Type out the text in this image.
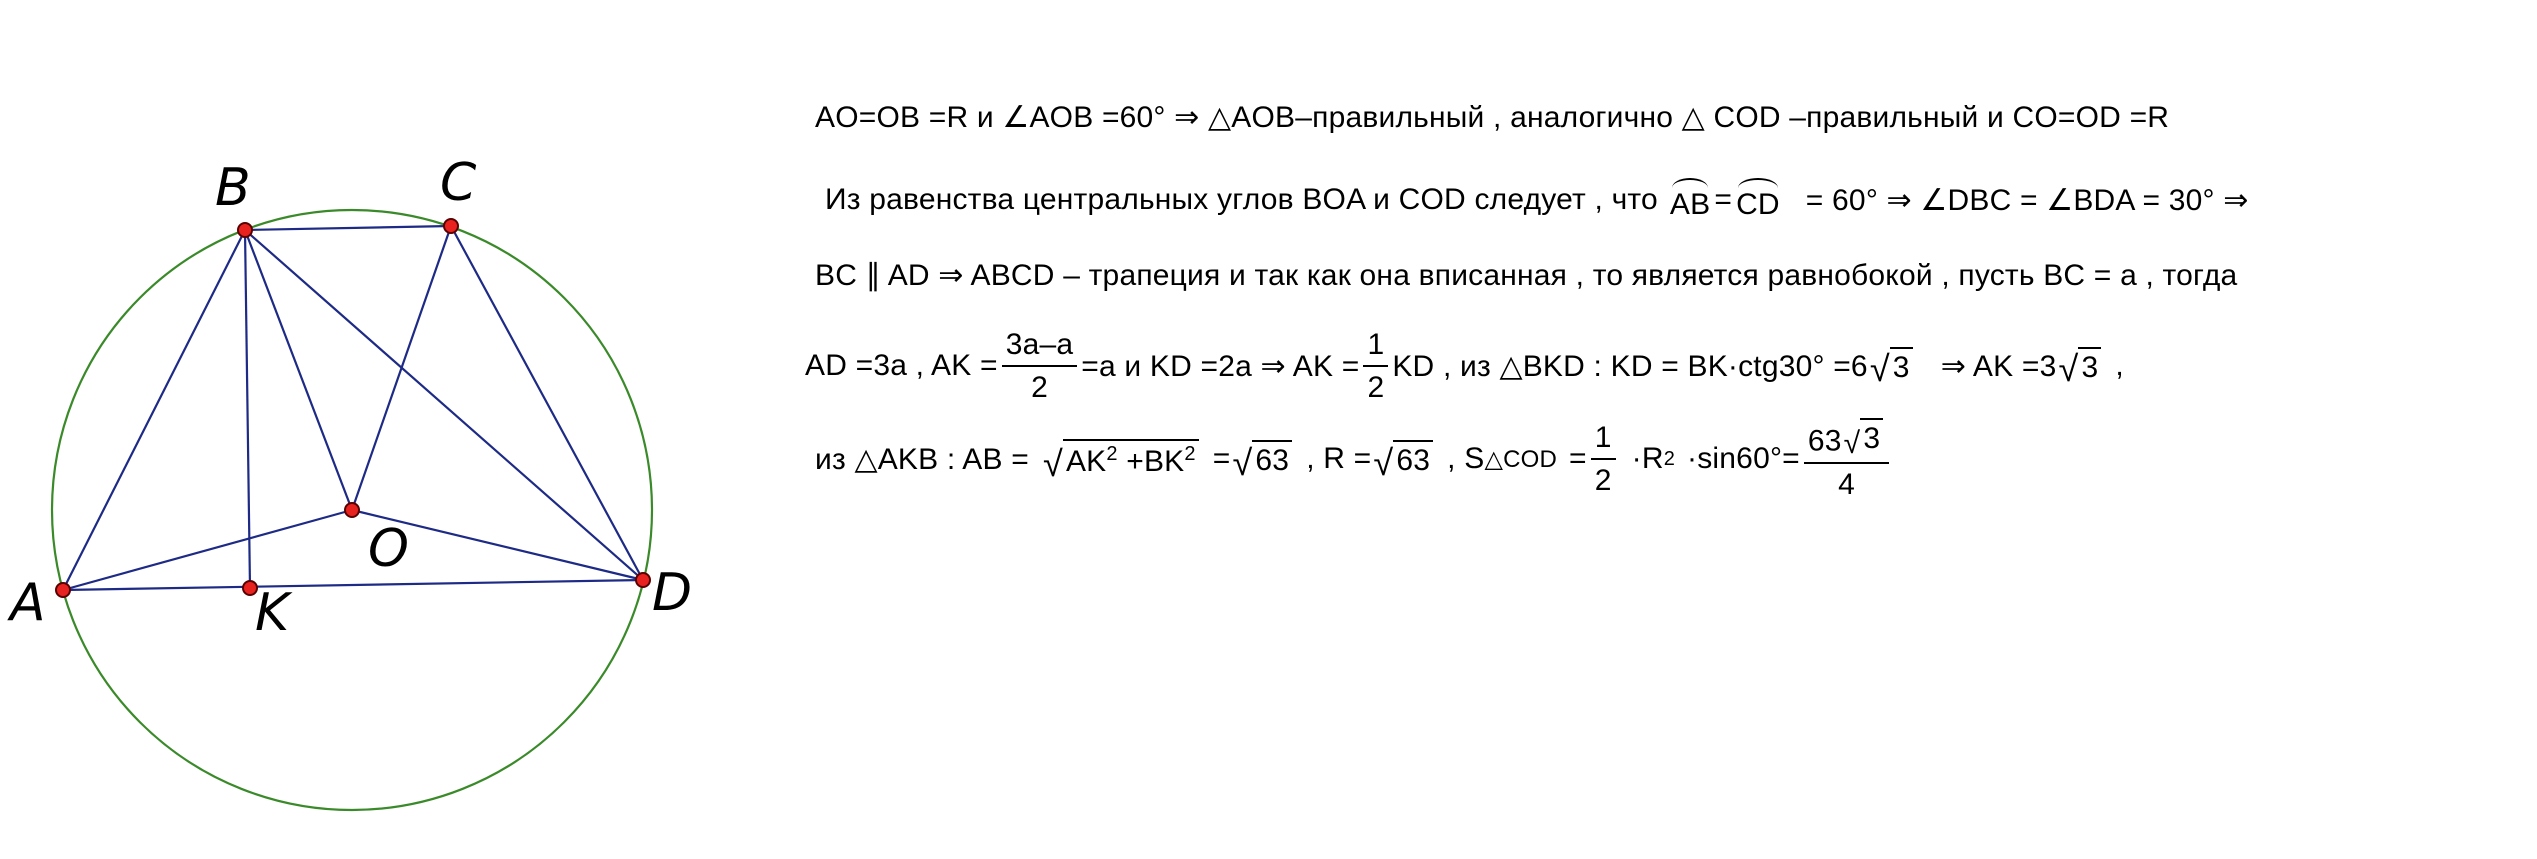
A
B	C
D
O
K
AO=OB =R и ∠AOB =60° ⇒ △AOB–правильный , аналогично △ COD –правильный и CO=OD =R
Из равенства центральных углов BOA и COD следует , что AB = CD = 60° ⇒ ∠DBC = ∠BDA = 30° ⇒
BC ∥ AD ⇒ ABCD – трапеция и так как она вписанная , то является равнобокой , пусть BC = a , тогда
AD =3a , AK = $\frac{3a-a}{2} =a$ и KD =2a ⇒ AK = $\frac{1}{2}$ KD , из △BKD : KD = BK·ctg30° =6 √ 3 ⇒ AK =3 √ 3 ,
из △AKB : AB = √ $AK^2 +BK^2$ = √ 63 , R = √ 63 , S △COD = $\frac{1}{2} \cdot R$ $2 \cdot\sin 60^\circ= \frac{63 √ 3}{4}$
